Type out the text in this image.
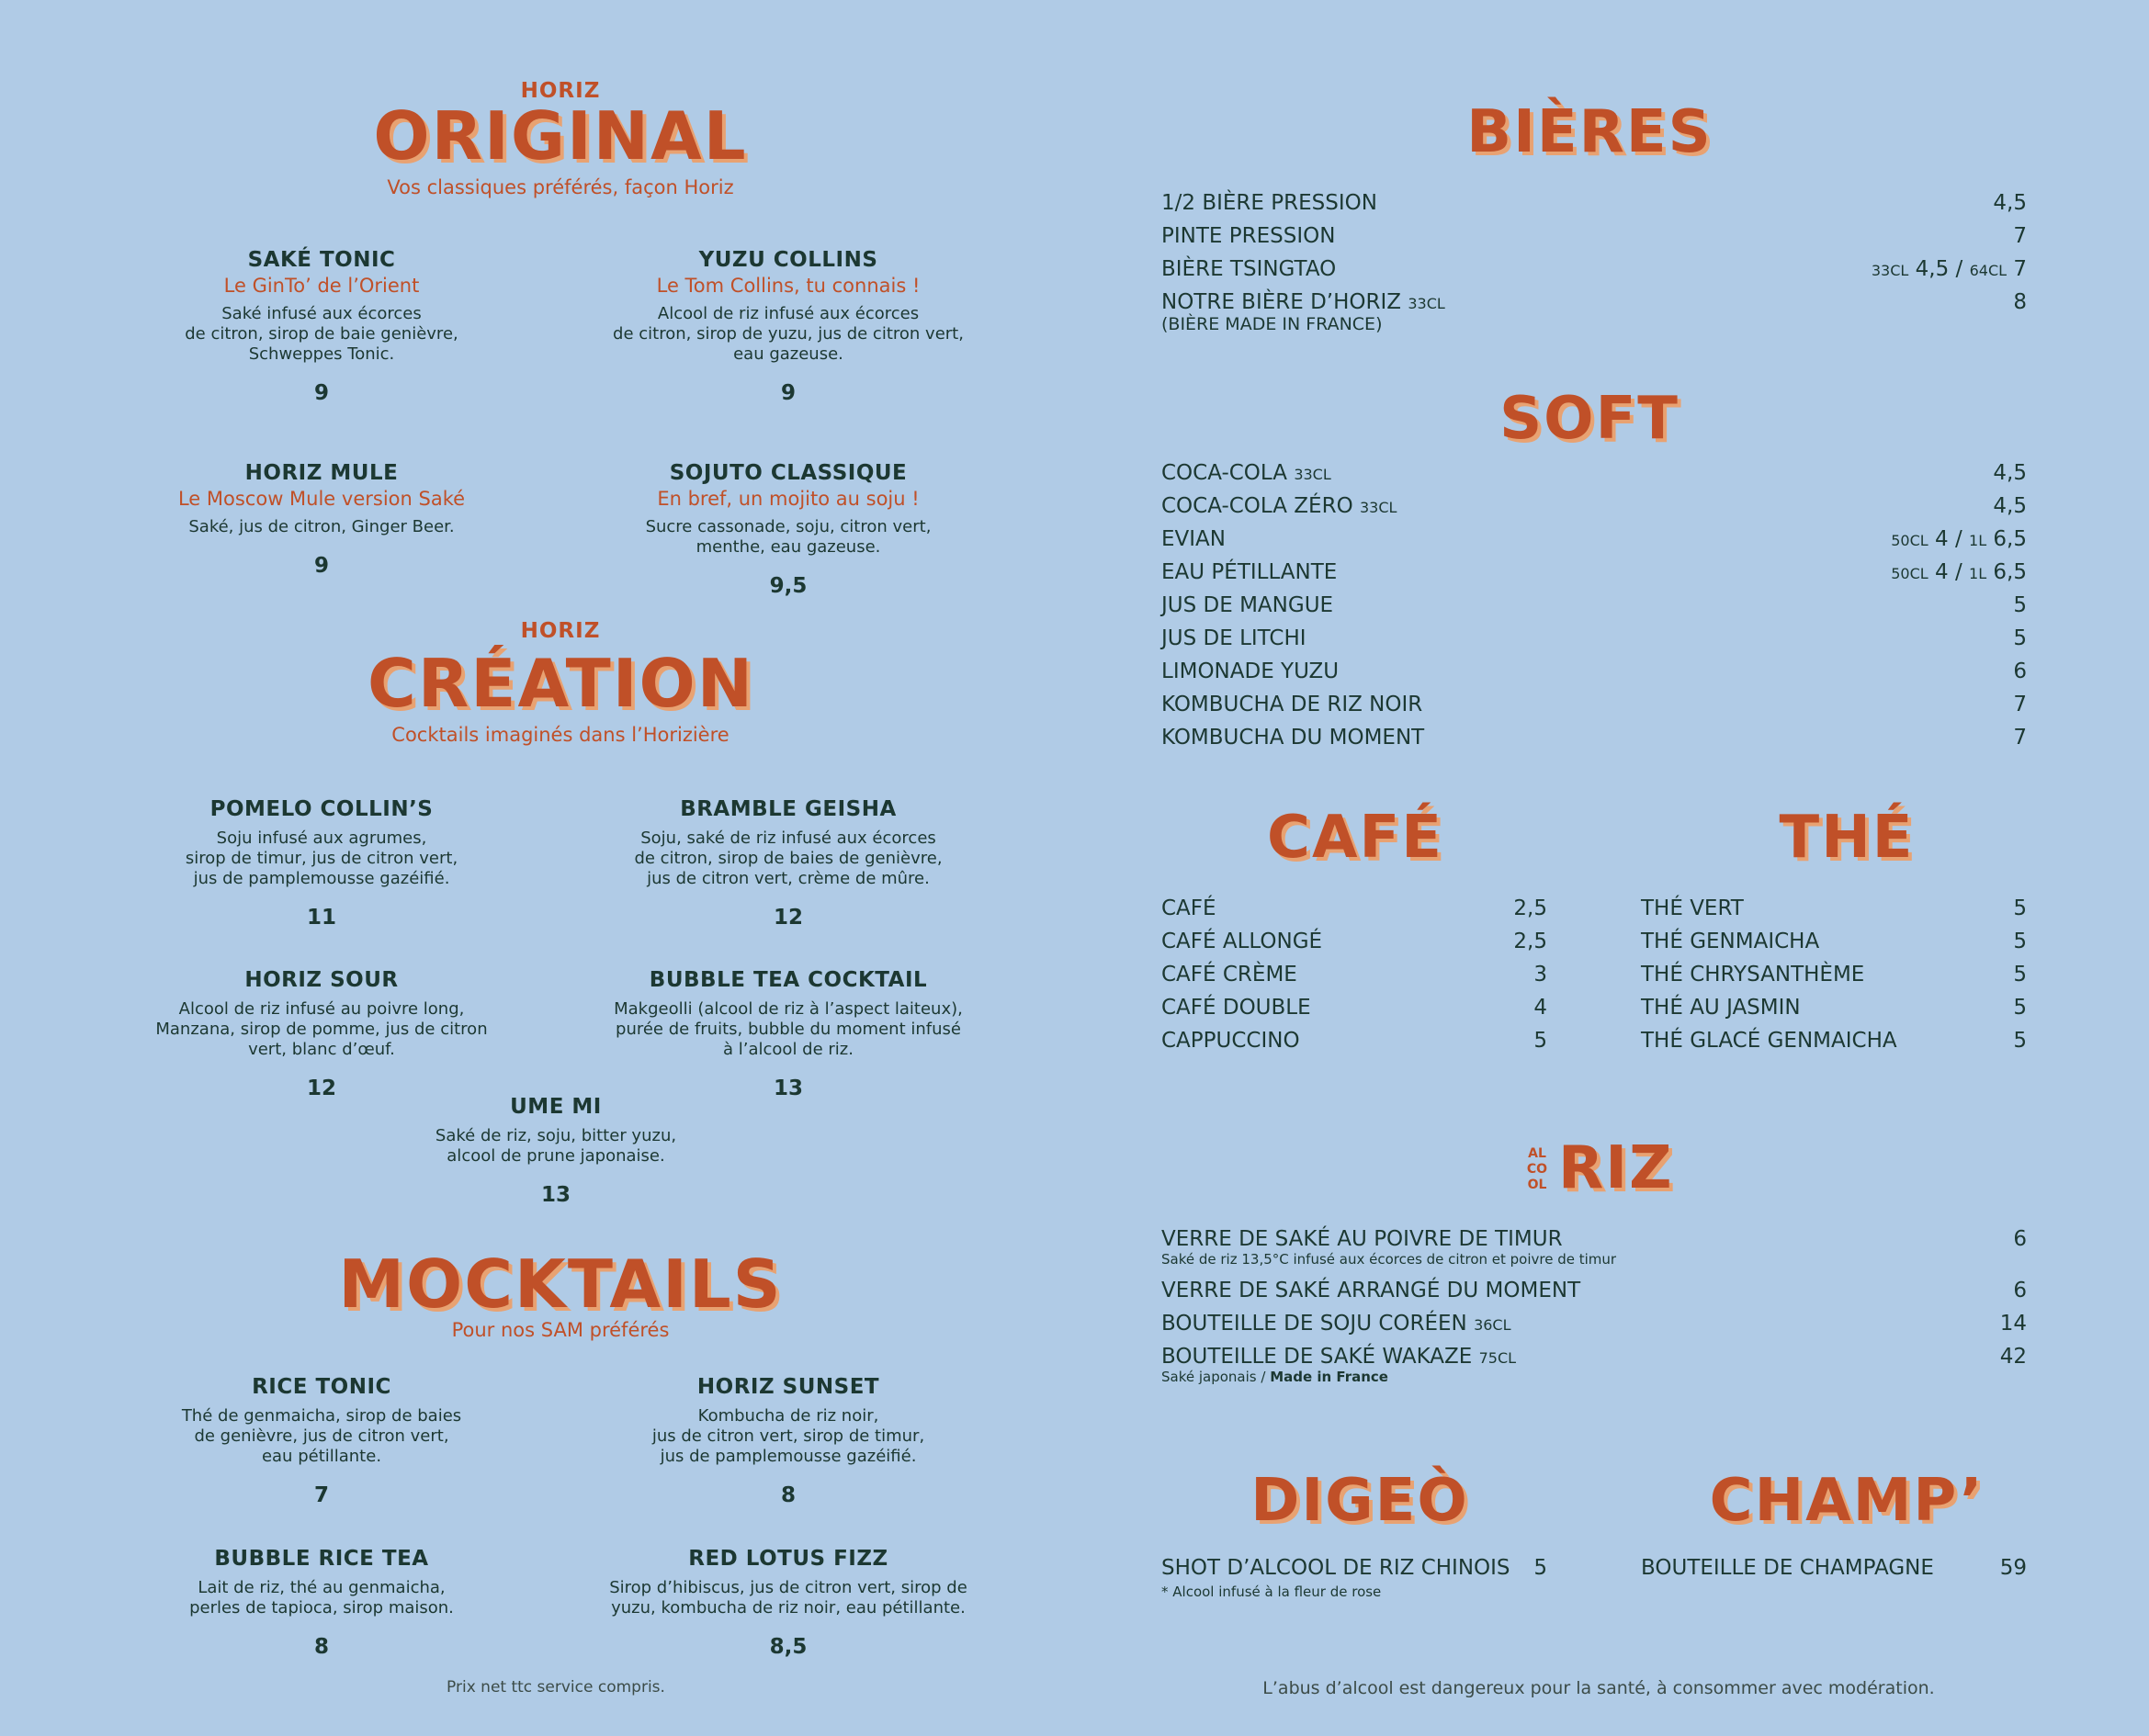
HORIZ
ORIGINAL
Vos classiques préférés, façon Horiz
SAKÉ TONIC
Le GinTo’ de l’Orient
Saké infusé aux écorces
de citron, sirop de baie genièvre,
Schweppes Tonic.
9
YUZU COLLINS
Le Tom Collins, tu connais !
Alcool de riz infusé aux écorces
de citron, sirop de yuzu, jus de citron vert,
eau gazeuse.
9
HORIZ MULE
Le Moscow Mule version Saké
Saké, jus de citron, Ginger Beer.
9
SOJUTO CLASSIQUE
En bref, un mojito au soju !
Sucre cassonade, soju, citron vert,
menthe, eau gazeuse.
9,5
HORIZ
CRÉATION
Cocktails imaginés dans l’Horizière
POMELO COLLIN’S
Soju infusé aux agrumes,
sirop de timur, jus de citron vert,
jus de pamplemousse gazéifié.
11
BRAMBLE GEISHA
Soju, saké de riz infusé aux écorces
de citron, sirop de baies de genièvre,
jus de citron vert, crème de mûre.
12
HORIZ SOUR
Alcool de riz infusé au poivre long,
Manzana, sirop de pomme, jus de citron
vert, blanc d’œuf.
12
BUBBLE TEA COCKTAIL
Makgeolli (alcool de riz à l’aspect laiteux),
purée de fruits, bubble du moment infusé
à l’alcool de riz.
13
UME MI
Saké de riz, soju, bitter yuzu,
alcool de prune japonaise.
13
MOCKTAILS
Pour nos SAM préférés
RICE TONIC
Thé de genmaicha, sirop de baies
de genièvre, jus de citron vert,
eau pétillante.
7
HORIZ SUNSET
Kombucha de riz noir,
jus de citron vert, sirop de timur,
jus de pamplemousse gazéifié.
8
BUBBLE RICE TEA
Lait de riz, thé au genmaicha,
perles de tapioca, sirop maison.
8
RED LOTUS FIZZ
Sirop d’hibiscus, jus de citron vert, sirop de
yuzu, kombucha de riz noir, eau pétillante.
8,5
Prix net ttc service compris.
BIÈRES
1/2 BIÈRE PRESSION	4,5
PINTE PRESSION	7
BIÈRE TSINGTAO	33CL 4,5 / 64CL 7
NOTRE BIÈRE D’HORIZ 33CL	8
(BIÈRE MADE IN FRANCE)
SOFT
COCA-COLA 33CL	4,5
COCA-COLA ZÉRO 33CL	4,5
EVIAN	50CL 4 / 1L 6,5
EAU PÉTILLANTE	50CL 4 / 1L 6,5
JUS DE MANGUE	5
JUS DE LITCHI	5
LIMONADE YUZU	6
KOMBUCHA DE RIZ NOIR	7
KOMBUCHA DU MOMENT	7
CAFÉ
CAFÉ	2,5
CAFÉ ALLONGÉ	2,5
CAFÉ CRÈME	3
CAFÉ DOUBLE	4
CAPPUCCINO	5
THÉ
THÉ VERT	5
THÉ GENMAICHA	5
THÉ CHRYSANTHÈME	5
THÉ AU JASMIN	5
THÉ GLACÉ GENMAICHA	5
AL
CO
OL RIZ
VERRE DE SAKÉ AU POIVRE DE TIMUR	6
Saké de riz 13,5°C infusé aux écorces de citron et poivre de timur
VERRE DE SAKÉ ARRANGÉ DU MOMENT	6
BOUTEILLE DE SOJU CORÉEN 36CL	14
BOUTEILLE DE SAKÉ WAKAZE 75CL	42
Saké japonais / Made in France
DIGEÒ
SHOT D’ALCOOL DE RIZ CHINOIS 5
* Alcool infusé à la fleur de rose
CHAMP’
BOUTEILLE DE CHAMPAGNE	59
L’abus d’alcool est dangereux pour la santé, à consommer avec modération.
